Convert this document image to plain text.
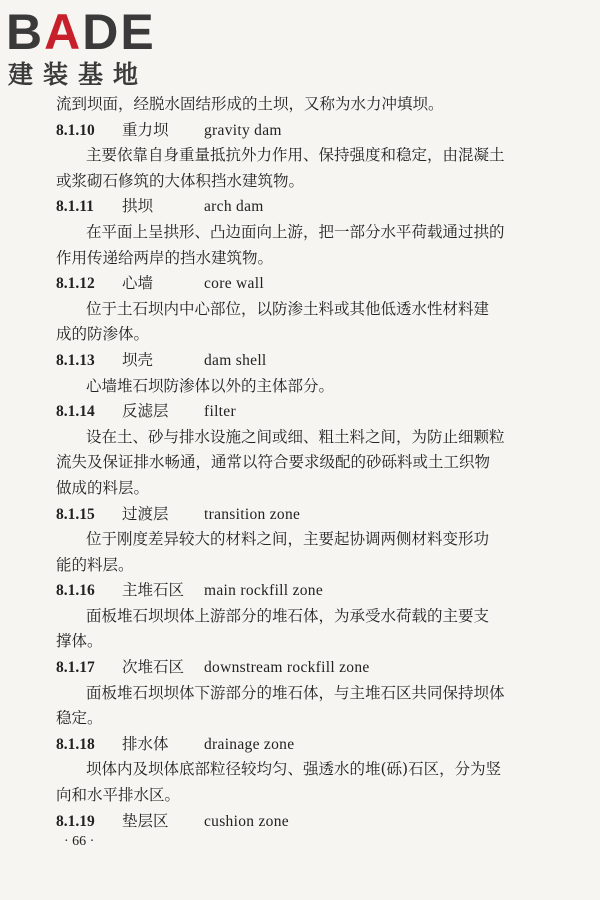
BADE
建装基地
流到坝面，经脱水固结形成的土坝，又称为水力冲填坝。
8.1.10 重力坝 gravity dam
主要依靠自身重量抵抗外力作用、保持强度和稳定，由混凝土
或浆砌石修筑的大体积挡水建筑物。
8.1.11 拱坝	arch dam
在平面上呈拱形、凸边面向上游，把一部分水平荷载通过拱的
作用传递给两岸的挡水建筑物。
8.1.12 心墙	core wall
位于土石坝内中心部位，以防渗土料或其他低透水性材料建
成的防渗体。
8.1.13 坝壳	dam shell
心墙堆石坝防渗体以外的主体部分。
8.1.14 反滤层 filter
设在土、砂与排水设施之间或细、粗土料之间，为防止细颗粒
流失及保证排水畅通，通常以符合要求级配的砂砾料或土工织物
做成的料层。
8.1.15 过渡层 transition zone
位于刚度差异较大的材料之间，主要起协调两侧材料变形功
能的料层。
8.1.16 主堆石区 main rockfill zone
面板堆石坝坝体上游部分的堆石体，为承受水荷载的主要支
撑体。
8.1.17 次堆石区 downstream rockfill zone
面板堆石坝坝体下游部分的堆石体，与主堆石区共同保持坝体
稳定。
8.1.18 排水体 drainage zone
坝体内及坝体底部粒径较均匀、强透水的堆(砾)石区，分为竖
向和水平排水区。
8.1.19 垫层区 cushion zone
· 66 ·
